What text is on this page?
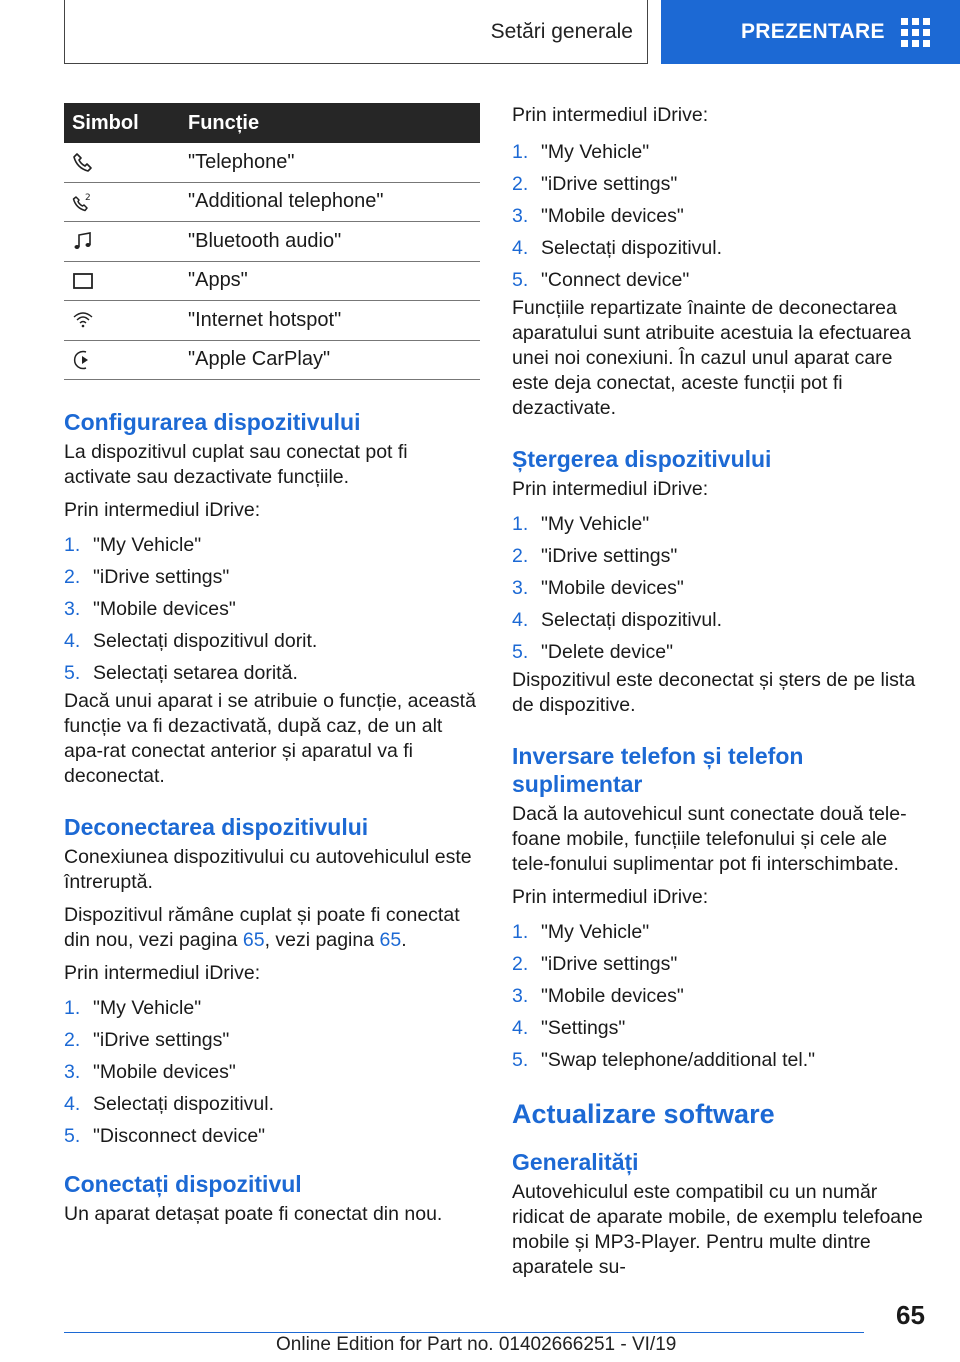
Setări generale	PREZENTARE
Simbol	Funcție
	"Telephone"

2	"Additional telephone"
	"Bluetooth audio"
	"Apps"
	"Internet hotspot"
	"Apple CarPlay"
Configurarea dispozitivului

La dispozitivul cuplat sau conectat pot fi activate sau dezactivate funcțiile.

Prin intermediul iDrive:

1. "My Vehicle"
2. "iDrive settings"
3. "Mobile devices"
4. Selectați dispozitivul dorit.
5. Selectați setarea dorită.

Dacă unui aparat i se atribuie o funcție, această funcție va fi dezactivată, după caz, de un alt apa-rat conectat anterior și aparatul va fi deconectat.

Deconectarea dispozitivului

Conexiunea dispozitivului cu autovehiculul este întreruptă.

Dispozitivul rămâne cuplat și poate fi conectat din nou, vezi pagina 65, vezi pagina 65.

Prin intermediul iDrive:

1. "My Vehicle"
2. "iDrive settings"
3. "Mobile devices"
4. Selectați dispozitivul.
5. "Disconnect device"
Conectați dispozitivul

Un aparat detașat poate fi conectat din nou.

Prin intermediul iDrive:

1. "My Vehicle"
2. "iDrive settings"
3. "Mobile devices"
4. Selectați dispozitivul.
5. "Connect device"

Funcțiile repartizate înainte de deconectarea aparatului sunt atribuite acestuia la efectuarea unei noi conexiuni. În cazul unul aparat care este deja conectat, aceste funcții pot fi dezactivate.

Ștergerea dispozitivului

Prin intermediul iDrive:

1. "My Vehicle"
2. "iDrive settings"
3. "Mobile devices"
4. Selectați dispozitivul.
5. "Delete device"

Dispozitivul este deconectat și șters de pe lista de dispozitive.

Inversare telefon și telefon suplimentar

Dacă la autovehicul sunt conectate două tele-foane mobile, funcțiile telefonului și cele ale tele-fonului suplimentar pot fi interschimbate.

Prin intermediul iDrive:

1. "My Vehicle"
2. "iDrive settings"
3. "Mobile devices"
4. "Settings"
5. "Swap telephone/additional tel."
Actualizare software
Generalități

Autovehiculul este compatibil cu un număr ridicat de aparate mobile, de exemplu telefoane mobile și MP3-Player. Pentru multe dintre aparatele su-

65
Online Edition for Part no. 01402666251 - VI/19
